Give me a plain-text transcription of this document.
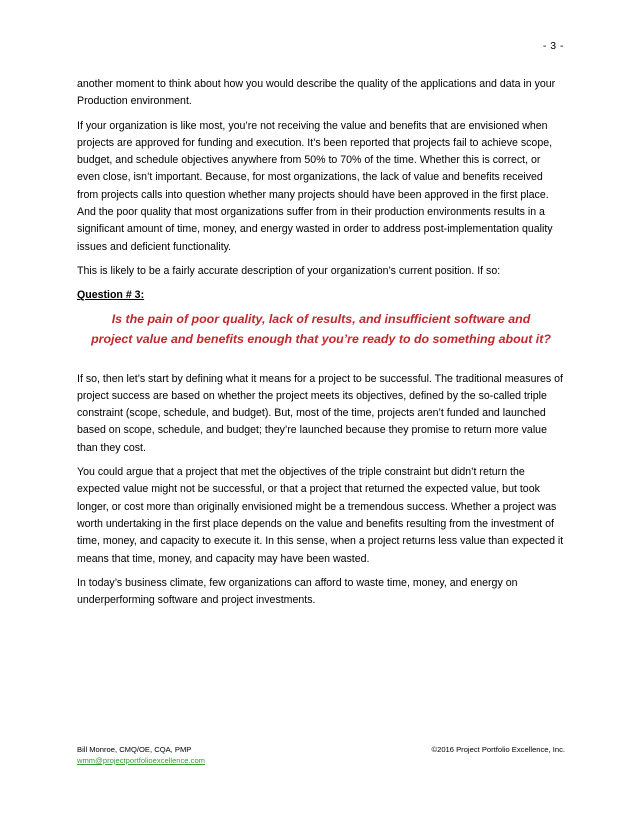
- 3 -

another moment to think about how you would describe the quality of the applications and data in your Production environment.

If your organization is like most, you’re not receiving the value and benefits that are envisioned when projects are approved for funding and execution. It’s been reported that projects fail to achieve scope, budget, and schedule objectives anywhere from 50% to 70% of the time. Whether this is correct, or even close, isn’t important. Because, for most organizations, the lack of value and benefits received from projects calls into question whether many projects should have been approved in the first place. And the poor quality that most organizations suffer from in their production environments results in a significant amount of time, money, and energy wasted in order to address post-implementation quality issues and deficient functionality.

This is likely to be a fairly accurate description of your organization’s current position. If so:

Question # 3:
Is the pain of poor quality, lack of results, and insufficient software and
project value and benefits enough that you’re ready to do something about it?

If so, then let’s start by defining what it means for a project to be successful. The traditional measures of project success are based on whether the project meets its objectives, defined by the so-called triple constraint (scope, schedule, and budget). But, most of the time, projects aren’t funded and launched based on scope, schedule, and budget; they’re launched because they promise to return more value than they cost.

You could argue that a project that met the objectives of the triple constraint but didn’t return the expected value might not be successful, or that a project that returned the expected value, but took longer, or cost more than originally envisioned might be a tremendous success. Whether a project was worth undertaking in the first place depends on the value and benefits resulting from the investment of time, money, and capacity to execute it. In this sense, when a project returns less value than expected it means that time, money, and capacity may have been wasted.

In today’s business climate, few organizations can afford to waste time, money, and energy on underperforming software and project investments.

Bill Monroe, CMQ/OE, CQA, PMP	©2016 Project Portfolio Excellence, Inc.
wmm@projectportfolioexcellence.com
